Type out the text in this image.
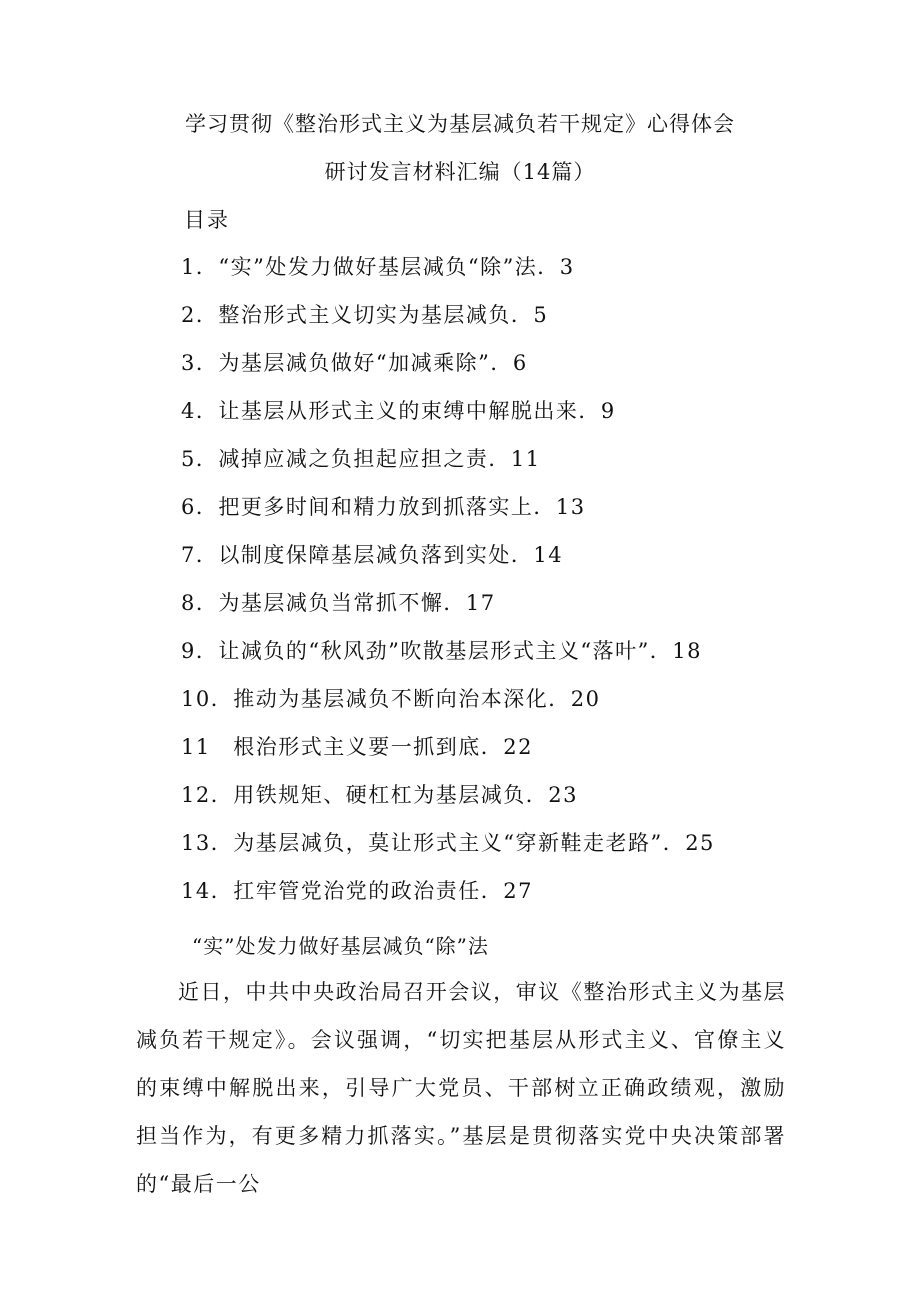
学习贯彻《整治形式主义为基层减负若干规定》心得体会
研讨发言材料汇编（14篇）
目录
1．“实”处发力做好基层减负“除”法．3
2．整治形式主义切实为基层减负．5
3．为基层减负做好“加减乘除”．6
4．让基层从形式主义的束缚中解脱出来．9
5．减掉应减之负担起应担之责．11
6．把更多时间和精力放到抓落实上．13
7．以制度保障基层减负落到实处．14
8．为基层减负当常抓不懈．17
9．让减负的“秋风劲”吹散基层形式主义“落叶”．18
10．推动为基层减负不断向治本深化．20
11　根治形式主义要一抓到底．22
12．用铁规矩、硬杠杠为基层减负．23
13．为基层减负，莫让形式主义“穿新鞋走老路”．25
14．扛牢管党治党的政治责任．27
“实”处发力做好基层减负“除”法

近日，中共中央政治局召开会议，审议《整治形式主义为基层减负若干规定》。会议强调，“切实把基层从形式主义、官僚主义的束缚中解脱出来，引导广大党员、干部树立正确政绩观，激励担当作为，有更多精力抓落实。”基层是贯彻落实党中央决策部署的“最后一公
